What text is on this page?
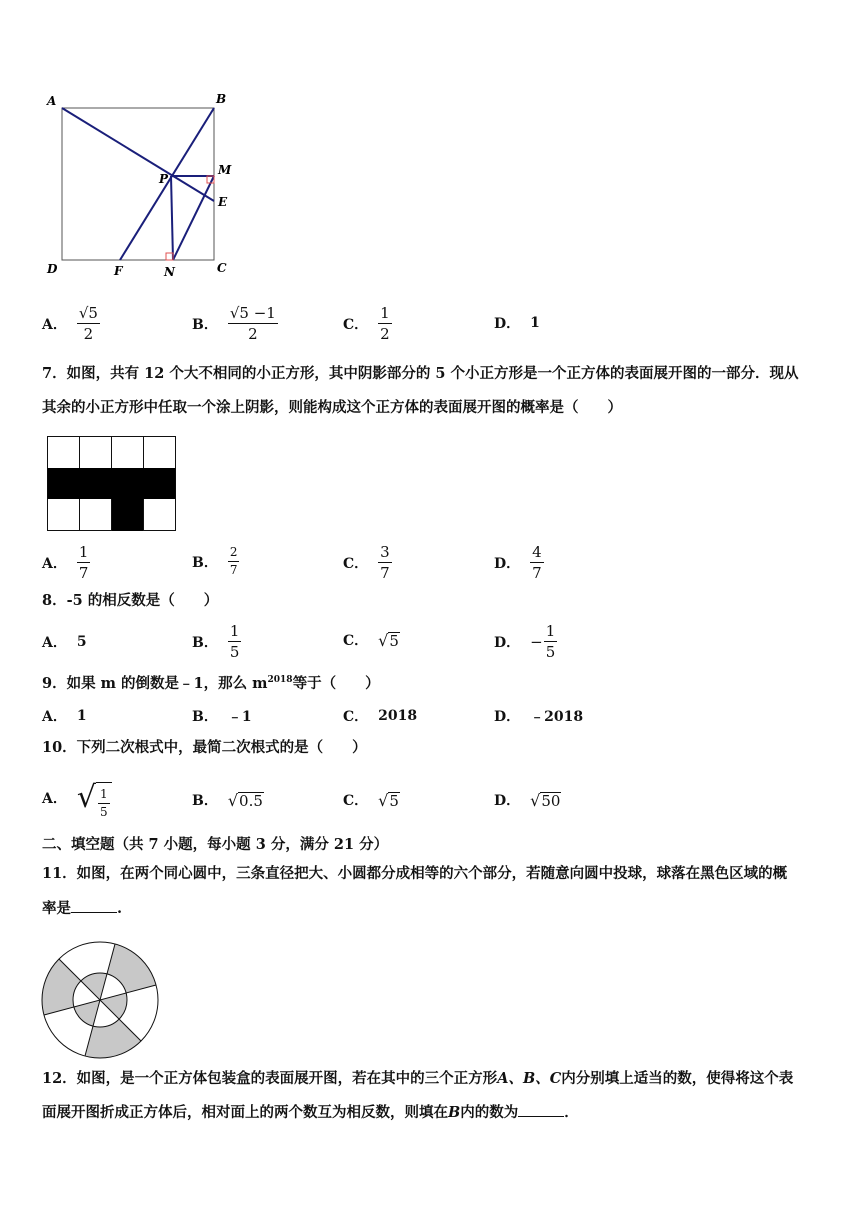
A	B
D	C
M
E
P
F	N
A． $\frac{√5}{2}$	B． $\frac{√5 -1}{2}$	C． $\frac{1}{2}$	D． 1
7．如图，共有 12 个大不相同的小正方形，其中阴影部分的 5 个小正方形是一个正方体的表面展开图的一部分．现从
其余的小正方形中任取一个涂上阴影，则能构成这个正方体的表面展开图的概率是（　　）
A． $\frac{1}{7}$	B． $\frac{2}{7}$	C． $\frac{3}{7}$	D． $\frac{4}{7}$
8．-5 的相反数是（　　）
A． 5	B． $\frac{1}{5}$	C． √ 5	D． − $\frac{1}{5}$
9．如果 m 的倒数是﹣1，那么 $m^{2018}$等于（　　）
A． 1	B． ﹣1	C． 2018	D． ﹣2018
10．下列二次根式中，最简二次根式的是（　　）
A． √ $\frac{1}{5}$	B． √ 0.5	C． √ 5	D． √ 50
二、填空题（共 7 小题，每小题 3 分，满分 21 分）
11．如图，在两个同心圆中，三条直径把大、小圆都分成相等的六个部分，若随意向圆中投球，球落在黑色区域的概
率是	.
12．如图，是一个正方体包装盒的表面展开图，若在其中的三个正方形A、B、C内分别填上适当的数，使得将这个表
面展开图折成正方体后，相对面上的两个数互为相反数，则填在B内的数为	．
